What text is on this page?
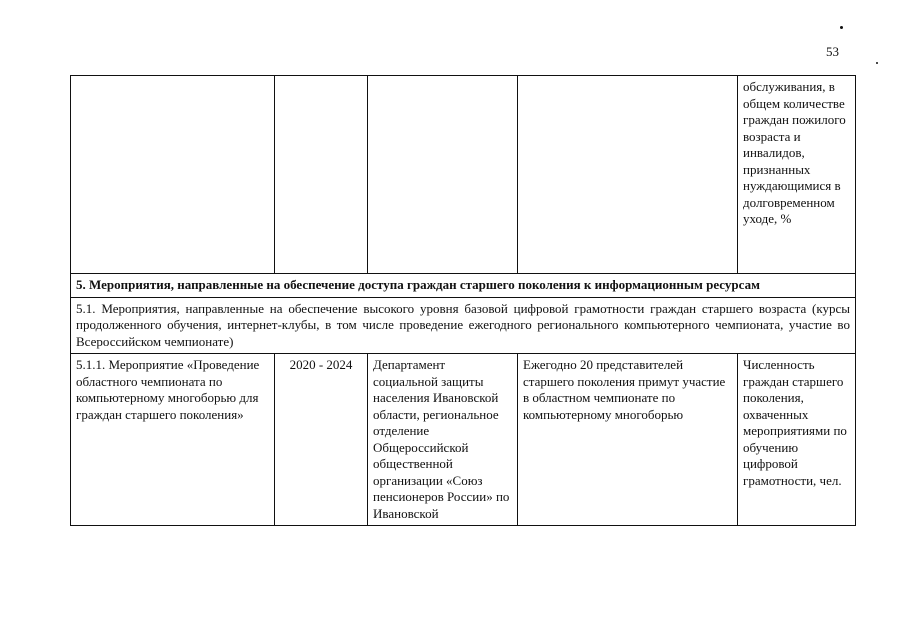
53
				обслуживания, в общем количестве граждан пожилого возраста и инвалидов, признанных нуждающимися в долговременном уходе, %
5. Мероприятия, направленные на обеспечение доступа граждан старшего поколения к информационным ресурсам				
5.1. Мероприятия, направленные на обеспечение высокого уровня базовой цифровой грамотности граждан старшего возраста (курсы продолженного обучения, интернет-клубы, в том числе проведение ежегодного регионального компьютерного чемпионата, участие во Всероссийском чемпионате)				
5.1.1. Мероприятие «Проведение областного чемпионата по компьютерному многоборью для граждан старшего поколения»	2020 - 2024	Департамент социальной защиты населения Ивановской области, региональное отделение Общероссийской общественной организации «Союз пенсионеров России» по Ивановской	Ежегодно 20 представителей старшего поколения примут участие в областном чемпионате по компьютерному многоборью	Численность граждан старшего поколения, охваченных мероприятиями по обучению цифровой грамотности, чел.
